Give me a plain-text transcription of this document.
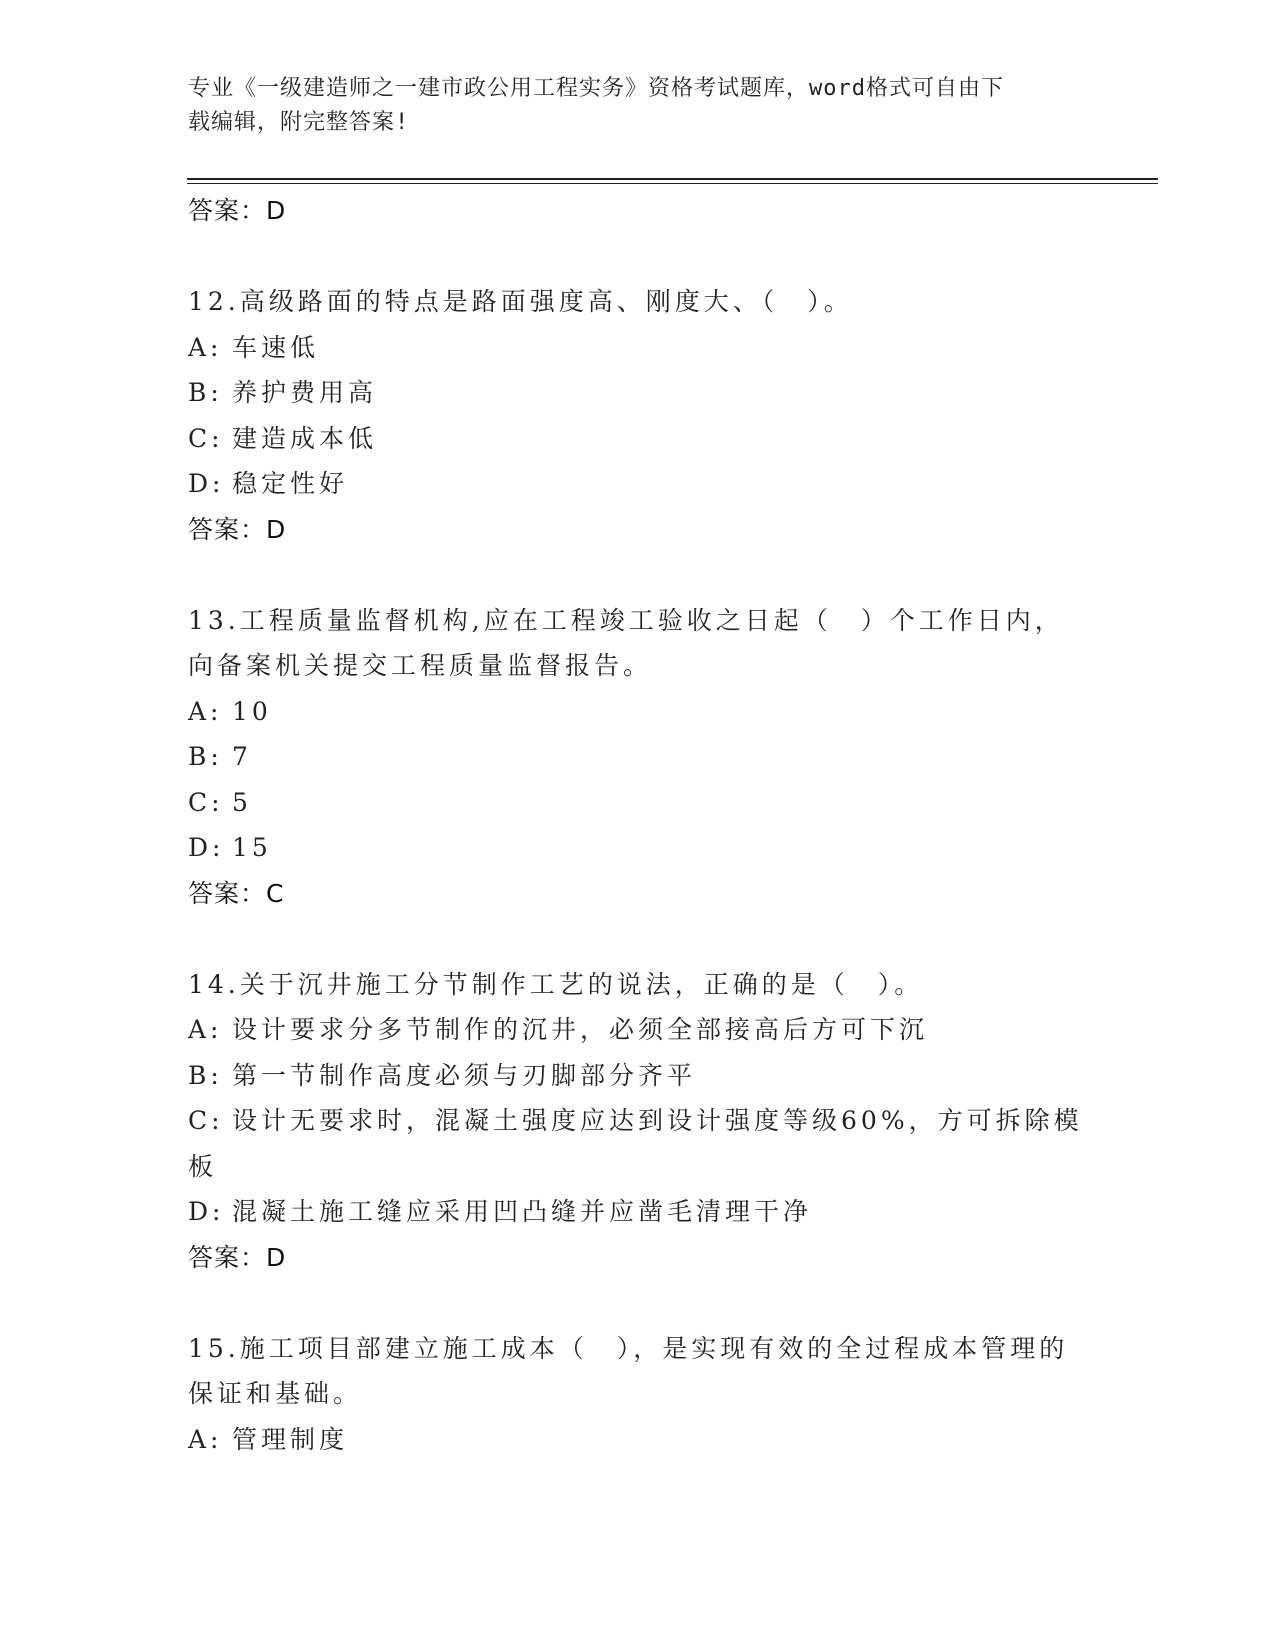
专业《一级建造师之一建市政公用工程实务》资格考试题库，word格式可自由下
载编辑，附完整答案!
答案：D
12.高级路面的特点是路面强度高、刚度大、（　）。
A: 车速低
B: 养护费用高
C: 建造成本低
D: 稳定性好
答案：D
13.工程质量监督机构,应在工程竣工验收之日起（　）个工作日内，
向备案机关提交工程质量监督报告。
A: 10
B: 7
C: 5
D: 15
答案：C
14.关于沉井施工分节制作工艺的说法，正确的是（　）。
A: 设计要求分多节制作的沉井，必须全部接高后方可下沉
B: 第一节制作高度必须与刃脚部分齐平
C: 设计无要求时，混凝土强度应达到设计强度等级60%，方可拆除模
板
D: 混凝土施工缝应采用凹凸缝并应凿毛清理干净
答案：D
15.施工项目部建立施工成本（　），是实现有效的全过程成本管理的
保证和基础。
A: 管理制度
